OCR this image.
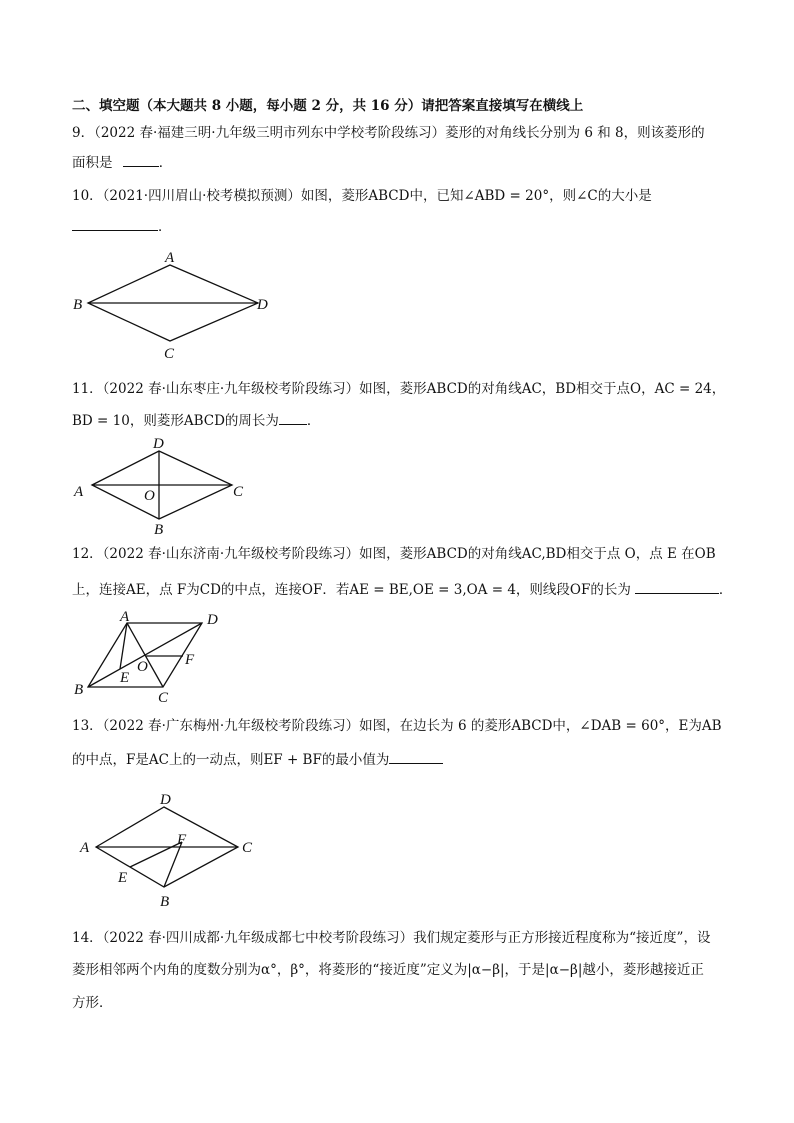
二、填空题（本大题共 8 小题，每小题 2 分，共 16 分）请把答案直接填写在横线上
9．（2022 春·福建三明·九年级三明市列东中学校考阶段练习）菱形的对角线长分别为 6 和 8，则该菱形的
面积是	．
10．（2021·四川眉山·校考模拟预测）如图，菱形ABCD中，已知∠ABD = 20°，则∠C的大小是
．
A
B
C
D
11．（2022 春·山东枣庄·九年级校考阶段练习）如图，菱形ABCD的对角线AC，BD相交于点O，AC = 24，
BD = 10，则菱形ABCD的周长为 ．
A
D
C
B
O
12．（2022 春·山东济南·九年级校考阶段练习）如图，菱形ABCD的对角线AC,BD相交于点 O，点 E 在OB
上，连接AE，点 F为CD的中点，连接OF．若AE = BE,OE = 3,OA = 4，则线段OF的长为	．
A	D
B	C
O
E
F
13．（2022 春·广东梅州·九年级校考阶段练习）如图，在边长为 6 的菱形ABCD中，∠DAB = 60°，E为AB
的中点，F是AC上的一动点，则EF + BF的最小值为
A
D
C
B
F
E
14．（2022 春·四川成都·九年级成都七中校考阶段练习）我们规定菱形与正方形接近程度称为“接近度”，设
菱形相邻两个内角的度数分别为α°，β°，将菱形的“接近度”定义为|α−β|，于是|α−β|越小，菱形越接近正
方形．
